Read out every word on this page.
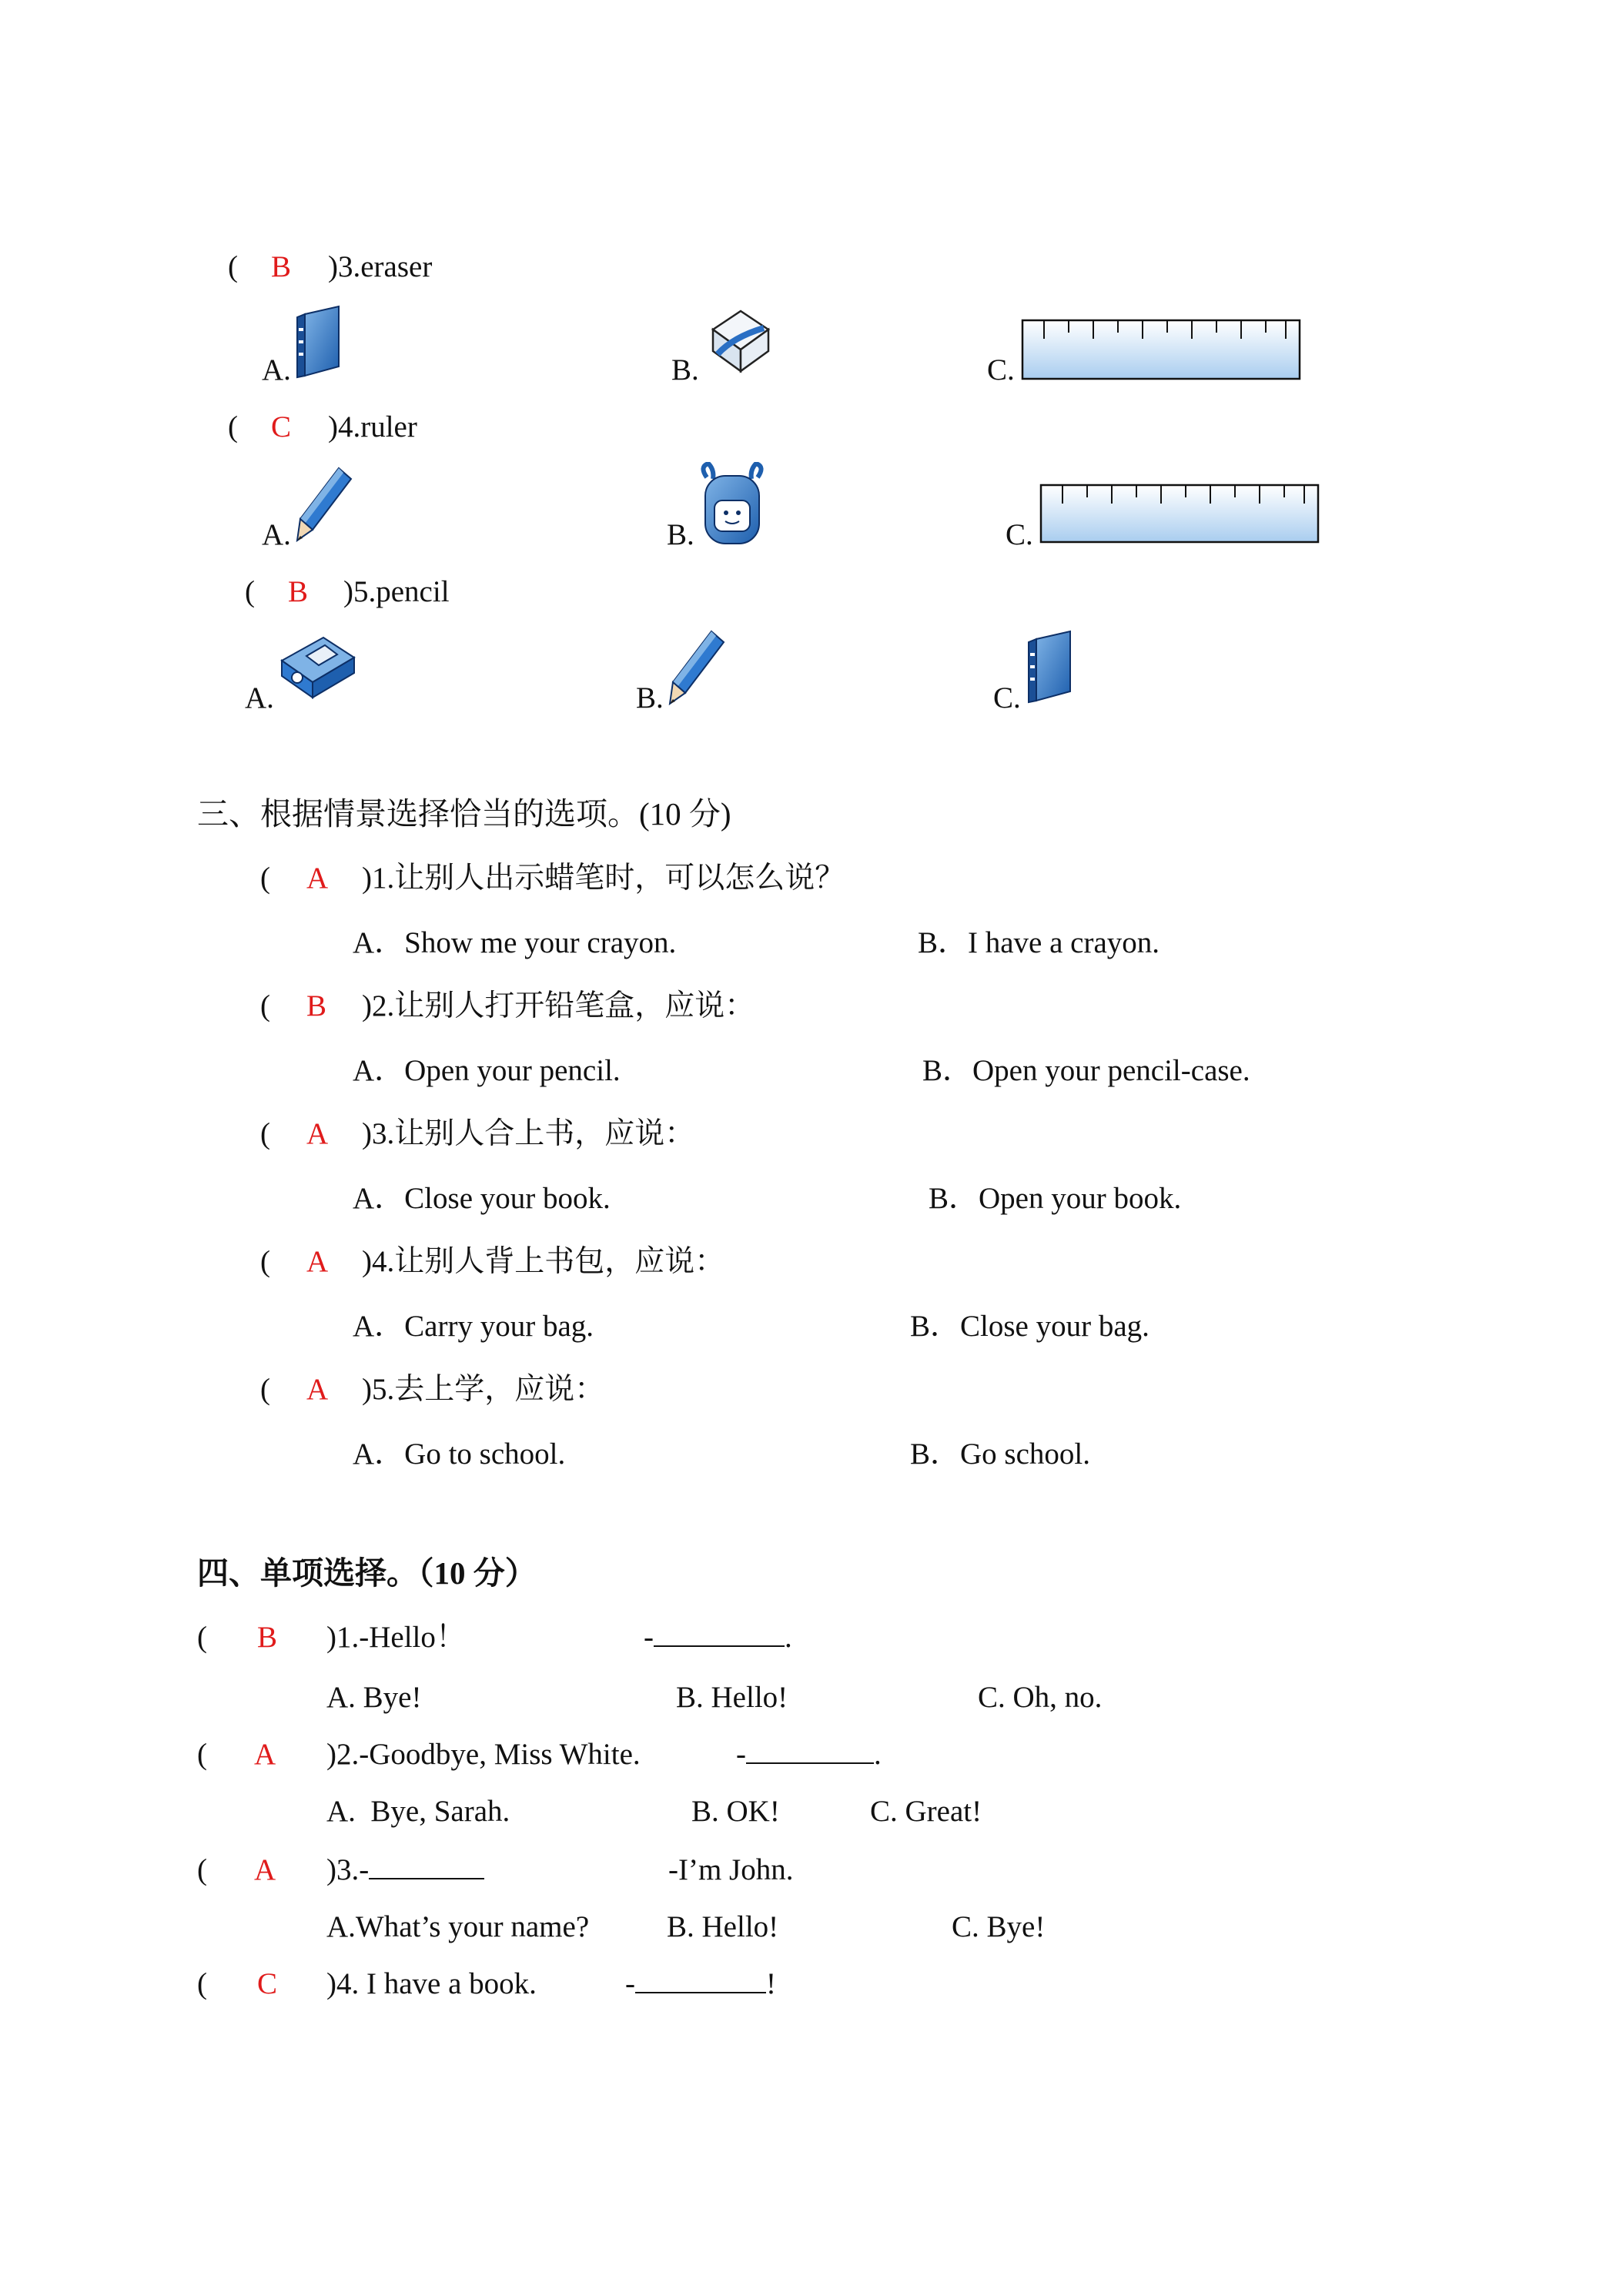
( B )3.eraser
A.	B.	C.
( C )4.ruler
A.	B.	C.
( B )5.pencil
A.	B.	C.
三、根据情景选择恰当的选项。(10 分)
( A )1.让别人出示蜡笔时，可以怎么说？
A．Show me your crayon.	B．I have a crayon.
( B )2.让别人打开铅笔盒，应说：
A．Open your pencil.	B．Open your pencil-case.
( A )3.让别人合上书，应说：
A．Close your book.	B．Open your book.
( A )4.让别人背上书包，应说：
A．Carry your bag.	B．Close your bag.
( A )5.去上学，应说：
A．Go to school.	B．Go school.
四、单项选择。（10 分）
( B )1.-Hello！	-	.
A. Bye!	B. Hello!	C. Oh, no.
( A )2.-Goodbye, Miss White.	-	.
A.  Bye, Sarah.	B. OK!	C. Great!
( A )3.-	-I’m John.
A.What’s your name?	B. Hello!	C. Bye!
( C )4. I have a book.	-	!
